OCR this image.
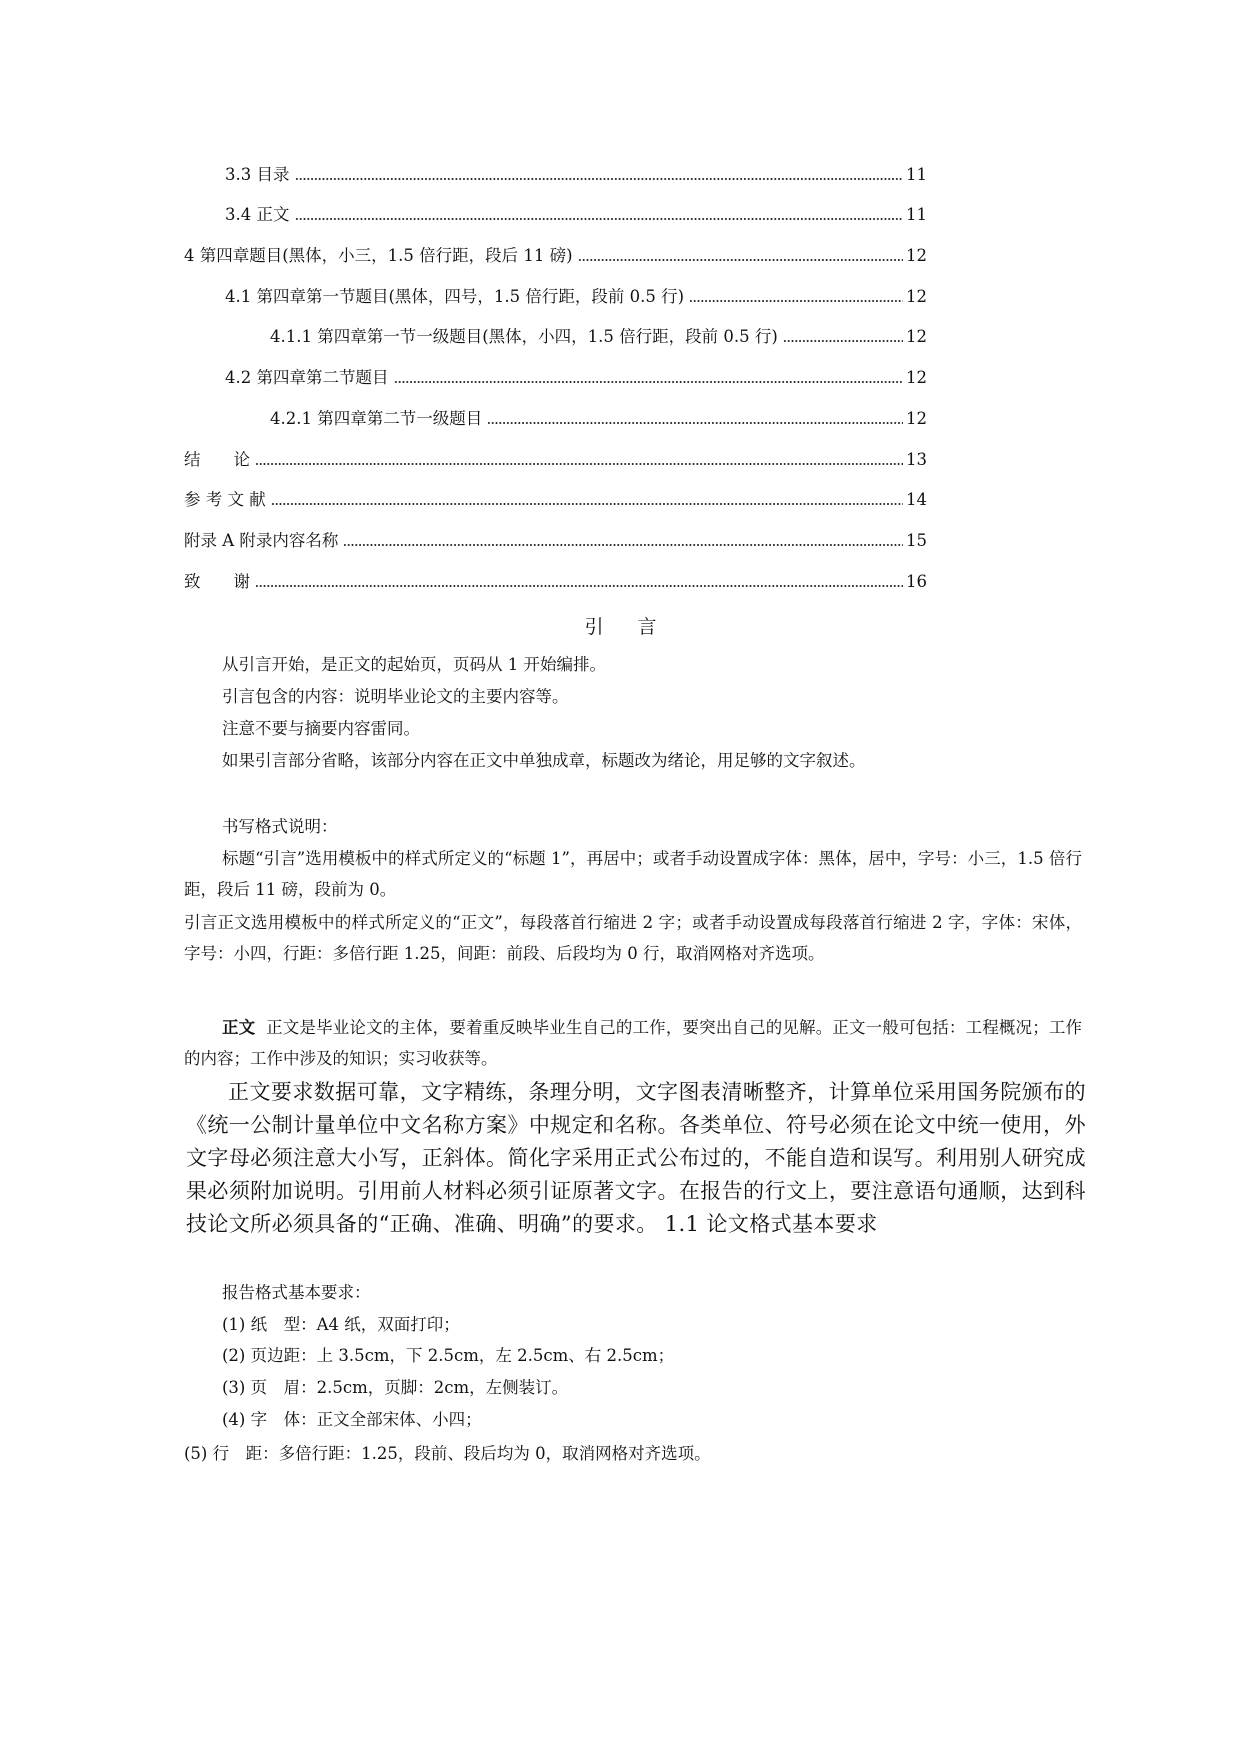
3.3 目录	11
3.4 正文	11
4 第四章题目(黑体，小三，1.5 倍行距，段后 11 磅)	12
4.1 第四章第一节题目(黑体，四号，1.5 倍行距，段前 0.5 行)	12
4.1.1 第四章第一节一级题目(黑体，小四，1.5 倍行距，段前 0.5 行)	12
4.2 第四章第二节题目	12
4.2.1 第四章第二节一级题目	12
结　　论	13
参 考 文 献	14
附录 A 附录内容名称	15
致　　谢	16
引言
从引言开始，是正文的起始页，页码从 1 开始编排。
引言包含的内容：说明毕业论文的主要内容等。
注意不要与摘要内容雷同。
如果引言部分省略，该部分内容在正文中单独成章，标题改为绪论，用足够的文字叙述。
书写格式说明：
标题“引言”选用模板中的样式所定义的“标题 1”，再居中；或者手动设置成字体：黑体，居中，字号：小三，1.5 倍行距，段后 11 磅，段前为 0。
引言正文选用模板中的样式所定义的“正文”，每段落首行缩进 2 字；或者手动设置成每段落首行缩进 2 字，字体：宋体，字号：小四，行距：多倍行距 1.25，间距：前段、后段均为 0 行，取消网格对齐选项。
正文 正文是毕业论文的主体，要着重反映毕业生自己的工作，要突出自己的见解。正文一般可包括：工程概况；工作的内容；工作中涉及的知识；实习收获等。
正文要求数据可靠，文字精练，条理分明，文字图表清晰整齐，计算单位采用国务院颁布的《统一公制计量单位中文名称方案》中规定和名称。各类单位、符号必须在论文中统一使用，外文字母必须注意大小写，正斜体。简化字采用正式公布过的，不能自造和误写。利用别人研究成果必须附加说明。引用前人材料必须引证原著文字。在报告的行文上，要注意语句通顺，达到科技论文所必须具备的“正确、准确、明确”的要求。 1.1 论文格式基本要求
报告格式基本要求：
(1) 纸　型：A4 纸，双面打印；
(2) 页边距：上 3.5cm，下 2.5cm，左 2.5cm、右 2.5cm；
(3) 页　眉：2.5cm，页脚：2cm，左侧装订。
(4) 字　体：正文全部宋体、小四；
(5) 行　距：多倍行距：1.25，段前、段后均为 0，取消网格对齐选项。
